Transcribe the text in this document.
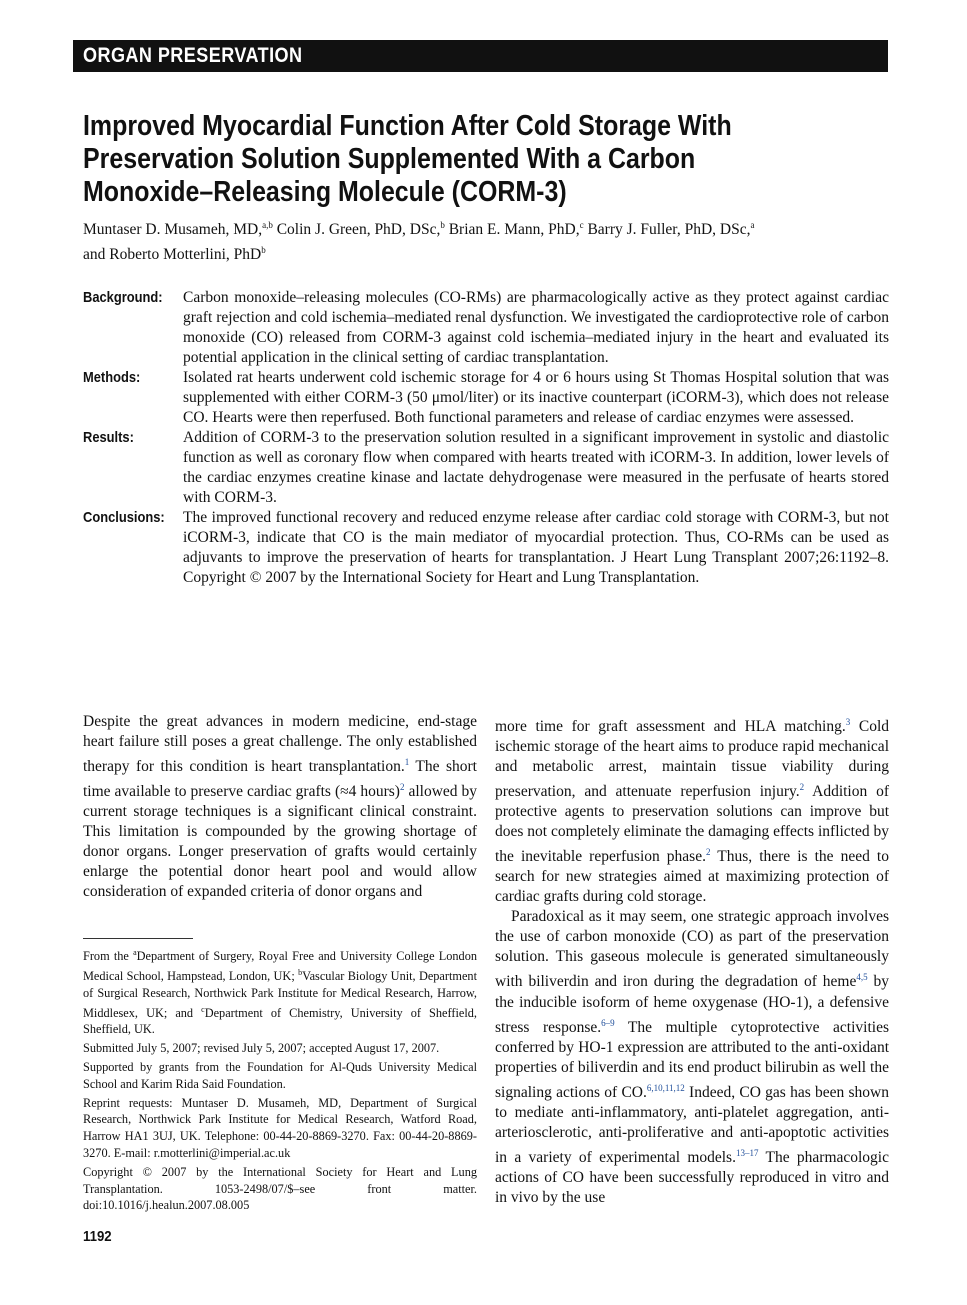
ORGAN PRESERVATION
Improved Myocardial Function After Cold Storage With
Preservation Solution Supplemented With a Carbon
Monoxide–Releasing Molecule (CORM-3)
Muntaser D. Musameh, MD,$^{a,b}$ Colin J. Green, PhD, DSc,$^b$ Brian E. Mann, PhD,$^c$ Barry J. Fuller, PhD, DSc,$^a$
and Roberto Motterlini, PhD$^b$
Background: Carbon monoxide–releasing molecules (CO-RMs) are pharmacologically active as they protect against cardiac graft rejection and cold ischemia–mediated renal dysfunction. We investigated the cardioprotective role of carbon monoxide (CO) released from CORM-3 against cold ischemia–mediated injury in the heart and evaluated its potential application in the clinical setting of cardiac transplantation.
Methods:	Isolated rat hearts underwent cold ischemic storage for 4 or 6 hours using St Thomas Hospital solution that was supplemented with either CORM-3 (50 μmol/liter) or its inactive counterpart (iCORM-3), which does not release CO. Hearts were then reperfused. Both functional parameters and release of cardiac enzymes were assessed.
Results:	Addition of CORM-3 to the preservation solution resulted in a significant improvement in systolic and diastolic function as well as coronary flow when compared with hearts treated with iCORM-3. In addition, lower levels of the cardiac enzymes creatine kinase and lactate dehydrogenase were measured in the perfusate of hearts stored with CORM-3.
Conclusions: The improved functional recovery and reduced enzyme release after cardiac cold storage with CORM-3, but not iCORM-3, indicate that CO is the main mediator of myocardial protection. Thus, CO-RMs can be used as adjuvants to improve the preservation of hearts for transplantation. J Heart Lung Transplant 2007;26:1192–8. Copyright © 2007 by the International Society for Heart and Lung Transplantation.

Despite the great advances in modern medicine, end-stage heart failure still poses a great challenge. The only established therapy for this condition is heart transplantation.$^1$ The short time available to preserve cardiac grafts (≈4 hours)$^2$ allowed by current storage techniques is a significant clinical constraint. This limitation is compounded by the growing shortage of donor organs. Longer preservation of grafts would certainly enlarge the potential donor heart pool and would allow consideration of expanded criteria of donor organs and

more time for graft assessment and HLA matching.$^3$ Cold ischemic storage of the heart aims to produce rapid mechanical and metabolic arrest, maintain tissue viability during preservation, and attenuate reperfusion injury.$^2$ Addition of protective agents to preservation solutions can improve but does not completely eliminate the damaging effects inflicted by the inevitable reperfusion phase.$^2$ Thus, there is the need to search for new strategies aimed at maximizing protection of cardiac grafts during cold storage.

Paradoxical as it may seem, one strategic approach involves the use of carbon monoxide (CO) as part of the preservation solution. This gaseous molecule is generated simultaneously with biliverdin and iron during the degradation of heme$^{4,5}$ by the inducible isoform of heme oxygenase (HO-1), a defensive stress response.$^{6-9}$ The multiple cytoprotective activities conferred by HO-1 expression are attributed to the anti-oxidant properties of biliverdin and its end product bilirubin as well the signaling actions of CO.$^{6,10,11,12}$ Indeed, CO gas has been shown to mediate anti-inflammatory, anti-platelet aggregation, anti-arteriosclerotic, anti-proliferative and anti-apoptotic activities in a variety of experimental models.$^{13-17}$ The pharmacologic actions of CO have been successfully reproduced in vitro and in vivo by the use

From the $^a$Department of Surgery, Royal Free and University College London Medical School, Hampstead, London, UK; $^b$Vascular Biology Unit, Department of Surgical Research, Northwick Park Institute for Medical Research, Harrow, Middlesex, UK; and $^c$Department of Chemistry, University of Sheffield, Sheffield, UK.

Submitted July 5, 2007; revised July 5, 2007; accepted August 17, 2007.

Supported by grants from the Foundation for Al-Quds University Medical School and Karim Rida Said Foundation.

Reprint requests: Muntaser D. Musameh, MD, Department of Surgical Research, Northwick Park Institute for Medical Research, Watford Road, Harrow HA1 3UJ, UK. Telephone: 00-44-20-8869-3270. Fax: 00-44-20-8869-3270. E-mail: r.motterlini@imperial.ac.uk

Copyright © 2007 by the International Society for Heart and Lung Transplantation. 1053-2498/07/$–see front matter. doi:10.1016/j.healun.2007.08.005

1192
